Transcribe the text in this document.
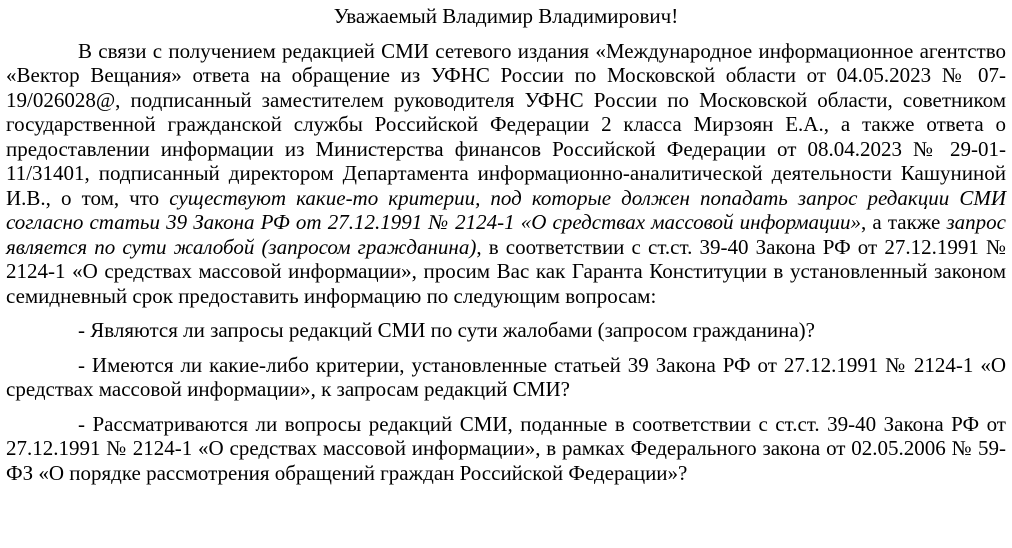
Уважаемый Владимир Владимирович!

В связи с получением редакцией СМИ сетевого издания «Международное информационное агентство «Вектор Вещания» ответа на обращение из УФНС России по Московской области от 04.05.2023 № 07-19/026028@, подписанный заместителем руководителя УФНС России по Московской области, советником государственной гражданской службы Российской Федерации 2 класса Мирзоян Е.А., а также ответа о предоставлении информации из Министерства финансов Российской Федерации от 08.04.2023 № 29-01-11/31401, подписанный директором Департамента информационно-аналитической деятельности Кашуниной И.В., о том, что существуют какие-то критерии, под которые должен попадать запрос редакции СМИ согласно статьи 39 Закона РФ от 27.12.1991 № 2124-1 «О средствах массовой информации», а также запрос является по сути жалобой (запросом гражданина), в соответствии с ст.ст. 39-40 Закона РФ от 27.12.1991 № 2124-1 «О средствах массовой информации», просим Вас как Гаранта Конституции в установленный законом семидневный срок предоставить информацию по следующим вопросам:

- Являются ли запросы редакций СМИ по сути жалобами (запросом гражданина)?

- Имеются ли какие-либо критерии, установленные статьей 39 Закона РФ от 27.12.1991 № 2124-1 «О средствах массовой информации», к запросам редакций СМИ?

- Рассматриваются ли вопросы редакций СМИ, поданные в соответствии с ст.ст. 39-40 Закона РФ от 27.12.1991 № 2124-1 «О средствах массовой информации», в рамках Федерального закона от 02.05.2006 № 59-ФЗ «О порядке рассмотрения обращений граждан Российской Федерации»?
